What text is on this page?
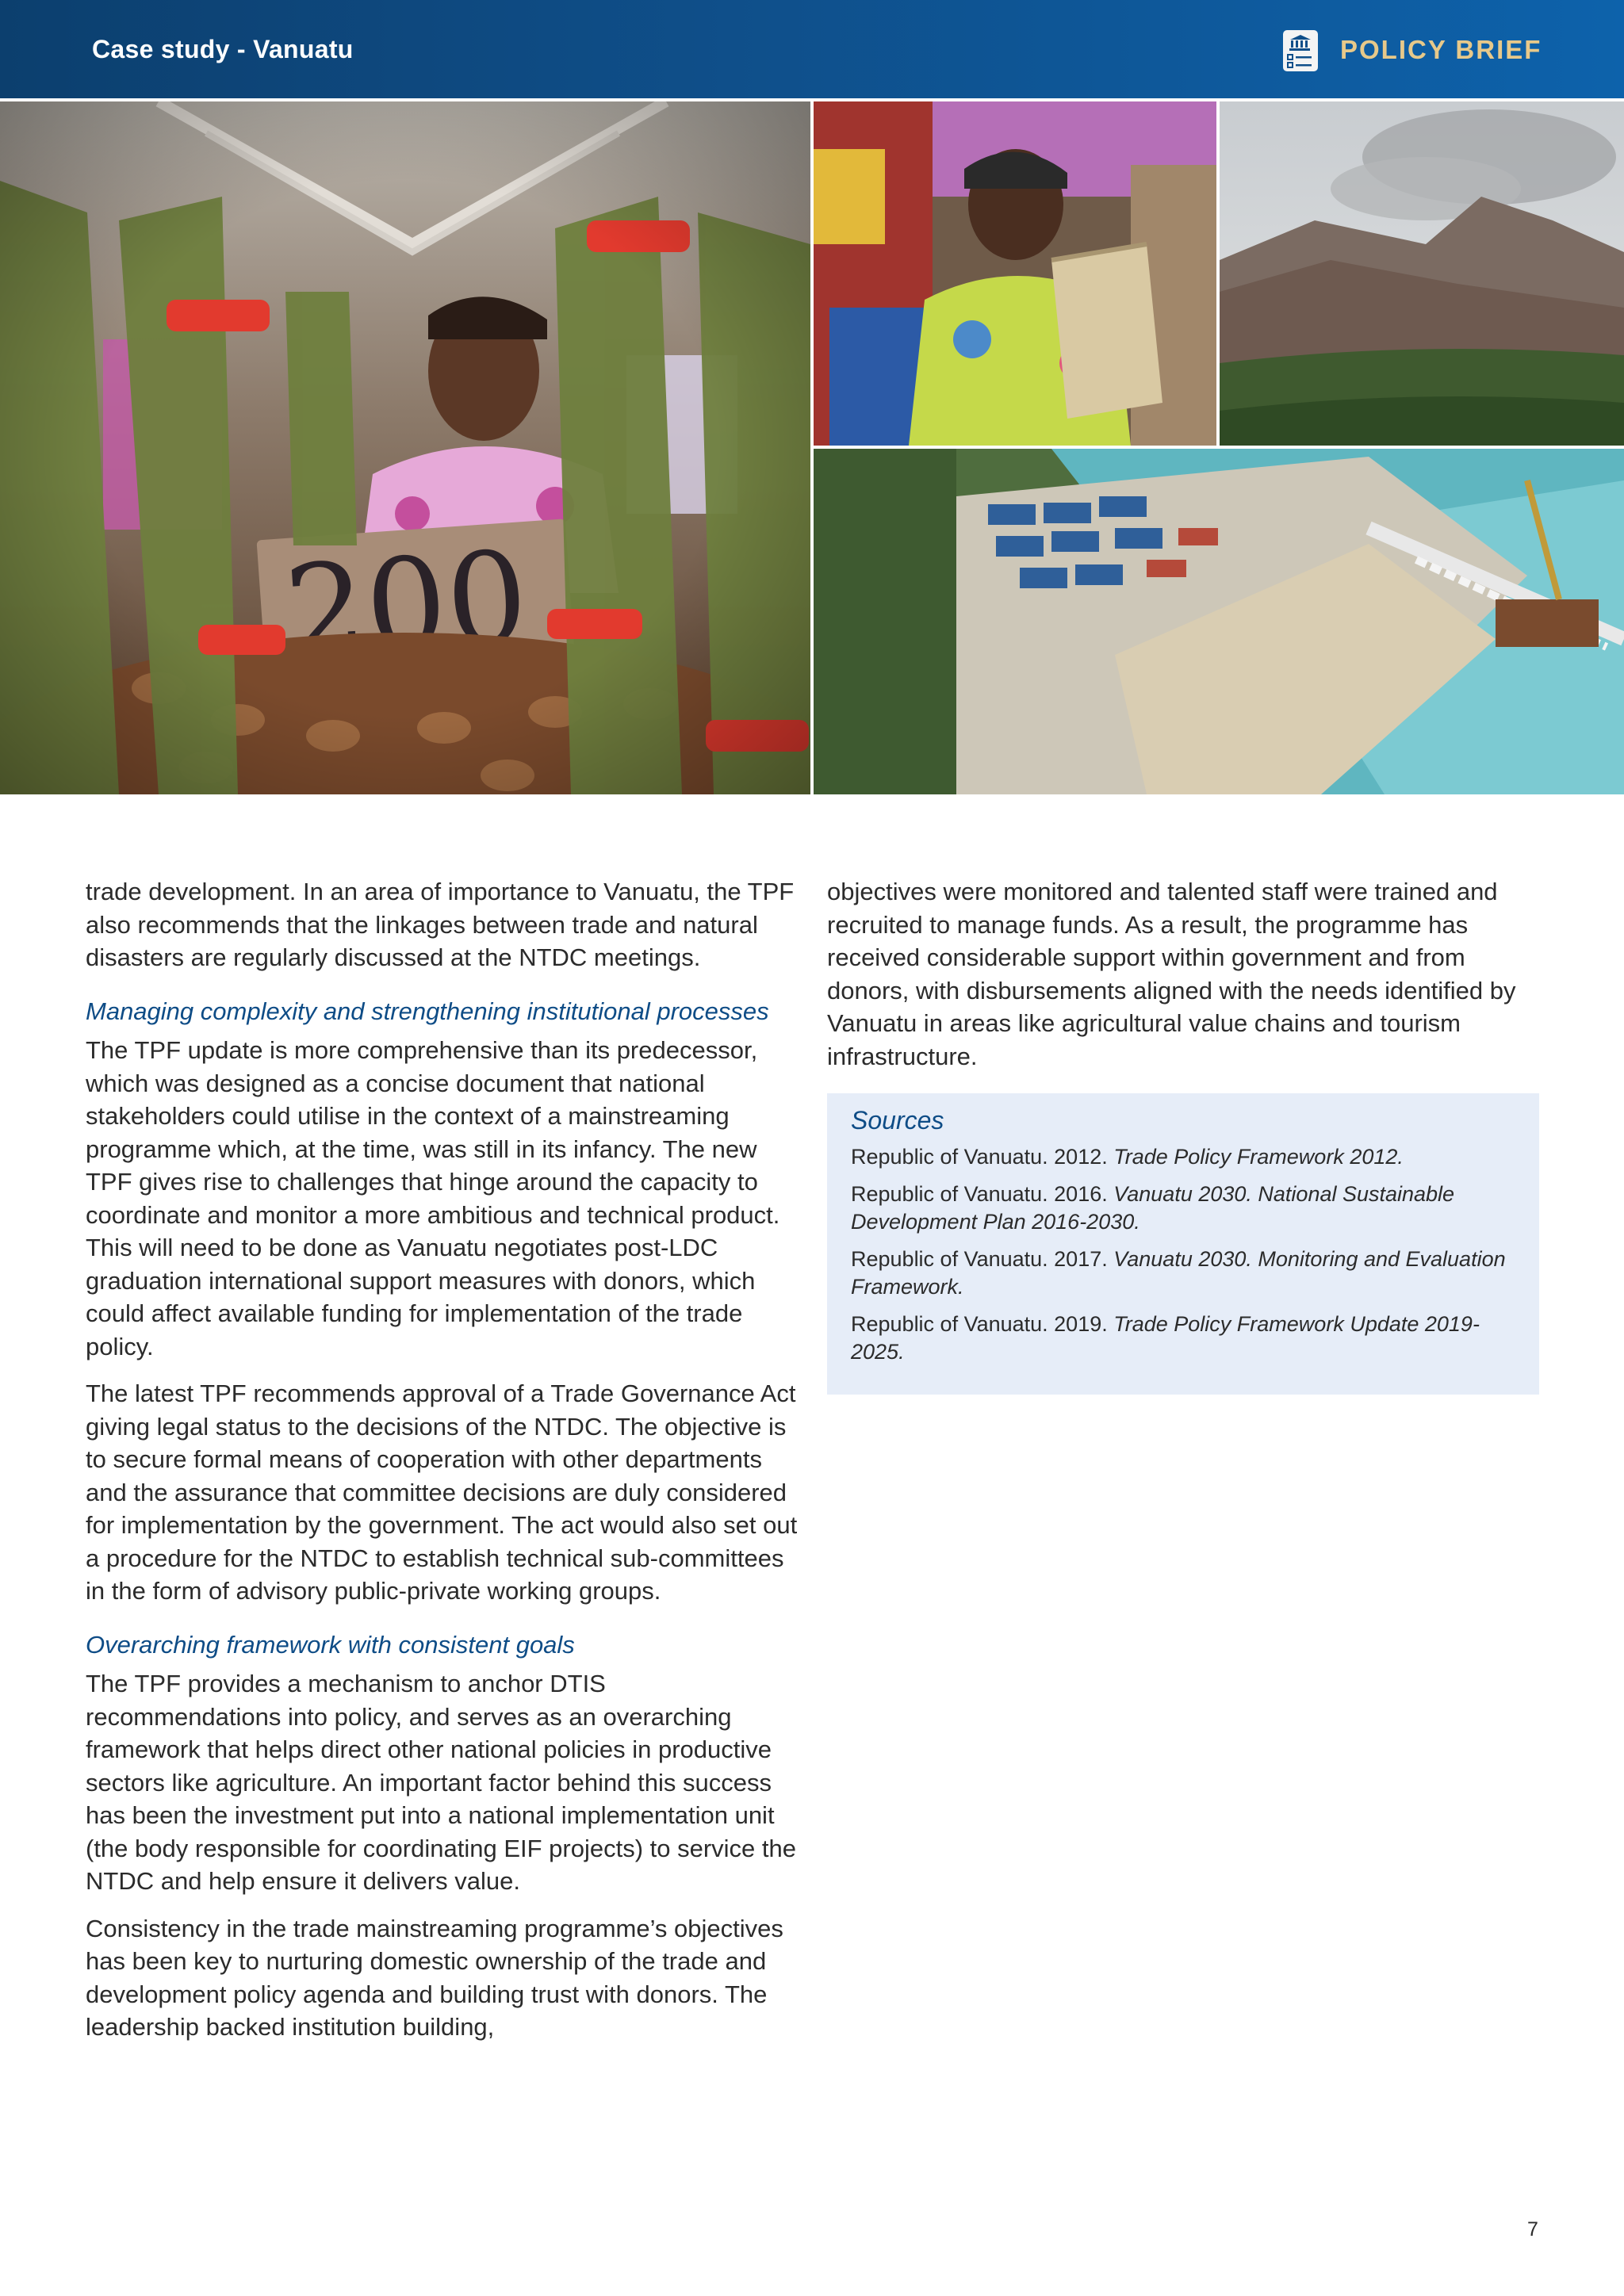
Case study - Vanuatu	POLICY BRIEF

trade development. In an area of importance to Vanuatu, the TPF also recommends that the linkages between trade and natural disasters are regularly discussed at the NTDC meetings.

Managing complexity and strengthening institutional processes

The TPF update is more comprehensive than its predecessor, which was designed as a concise document that national stakeholders could utilise in the context of a mainstreaming programme which, at the time, was still in its infancy. The new TPF gives rise to challenges that hinge around the capacity to coordinate and monitor a more ambitious and technical product. This will need to be done as Vanuatu negotiates post-LDC graduation international support measures with donors, which could affect available funding for implementation of the trade policy.

The latest TPF recommends approval of a Trade Governance Act giving legal status to the decisions of the NTDC. The objective is to secure formal means of cooperation with other departments and the assurance that committee decisions are duly considered for implementation by the government. The act would also set out a procedure for the NTDC to establish technical sub-committees in the form of advisory public-private working groups.

Overarching framework with consistent goals

The TPF provides a mechanism to anchor DTIS recommendations into policy, and serves as an overarching framework that helps direct other national policies in productive sectors like agriculture. An important factor behind this success has been the investment put into a national implementation unit (the body responsible for coordinating EIF projects) to service the NTDC and help ensure it delivers value.

Consistency in the trade mainstreaming programme’s objectives has been key to nurturing domestic ownership of the trade and development policy agenda and building trust with donors. The leadership backed institution building,

objectives were monitored and talented staff were trained and recruited to manage funds. As a result, the programme has received considerable support within government and from donors, with disbursements aligned with the needs identified by Vanuatu in areas like agricultural value chains and tourism infrastructure.

Sources
Republic of Vanuatu. 2012. Trade Policy Framework 2012.
Republic of Vanuatu. 2016. Vanuatu 2030. National Sustainable Development Plan 2016-2030.
Republic of Vanuatu. 2017. Vanuatu 2030. Monitoring and Evaluation Framework.
Republic of Vanuatu. 2019. Trade Policy Framework Update 2019-2025.
7
